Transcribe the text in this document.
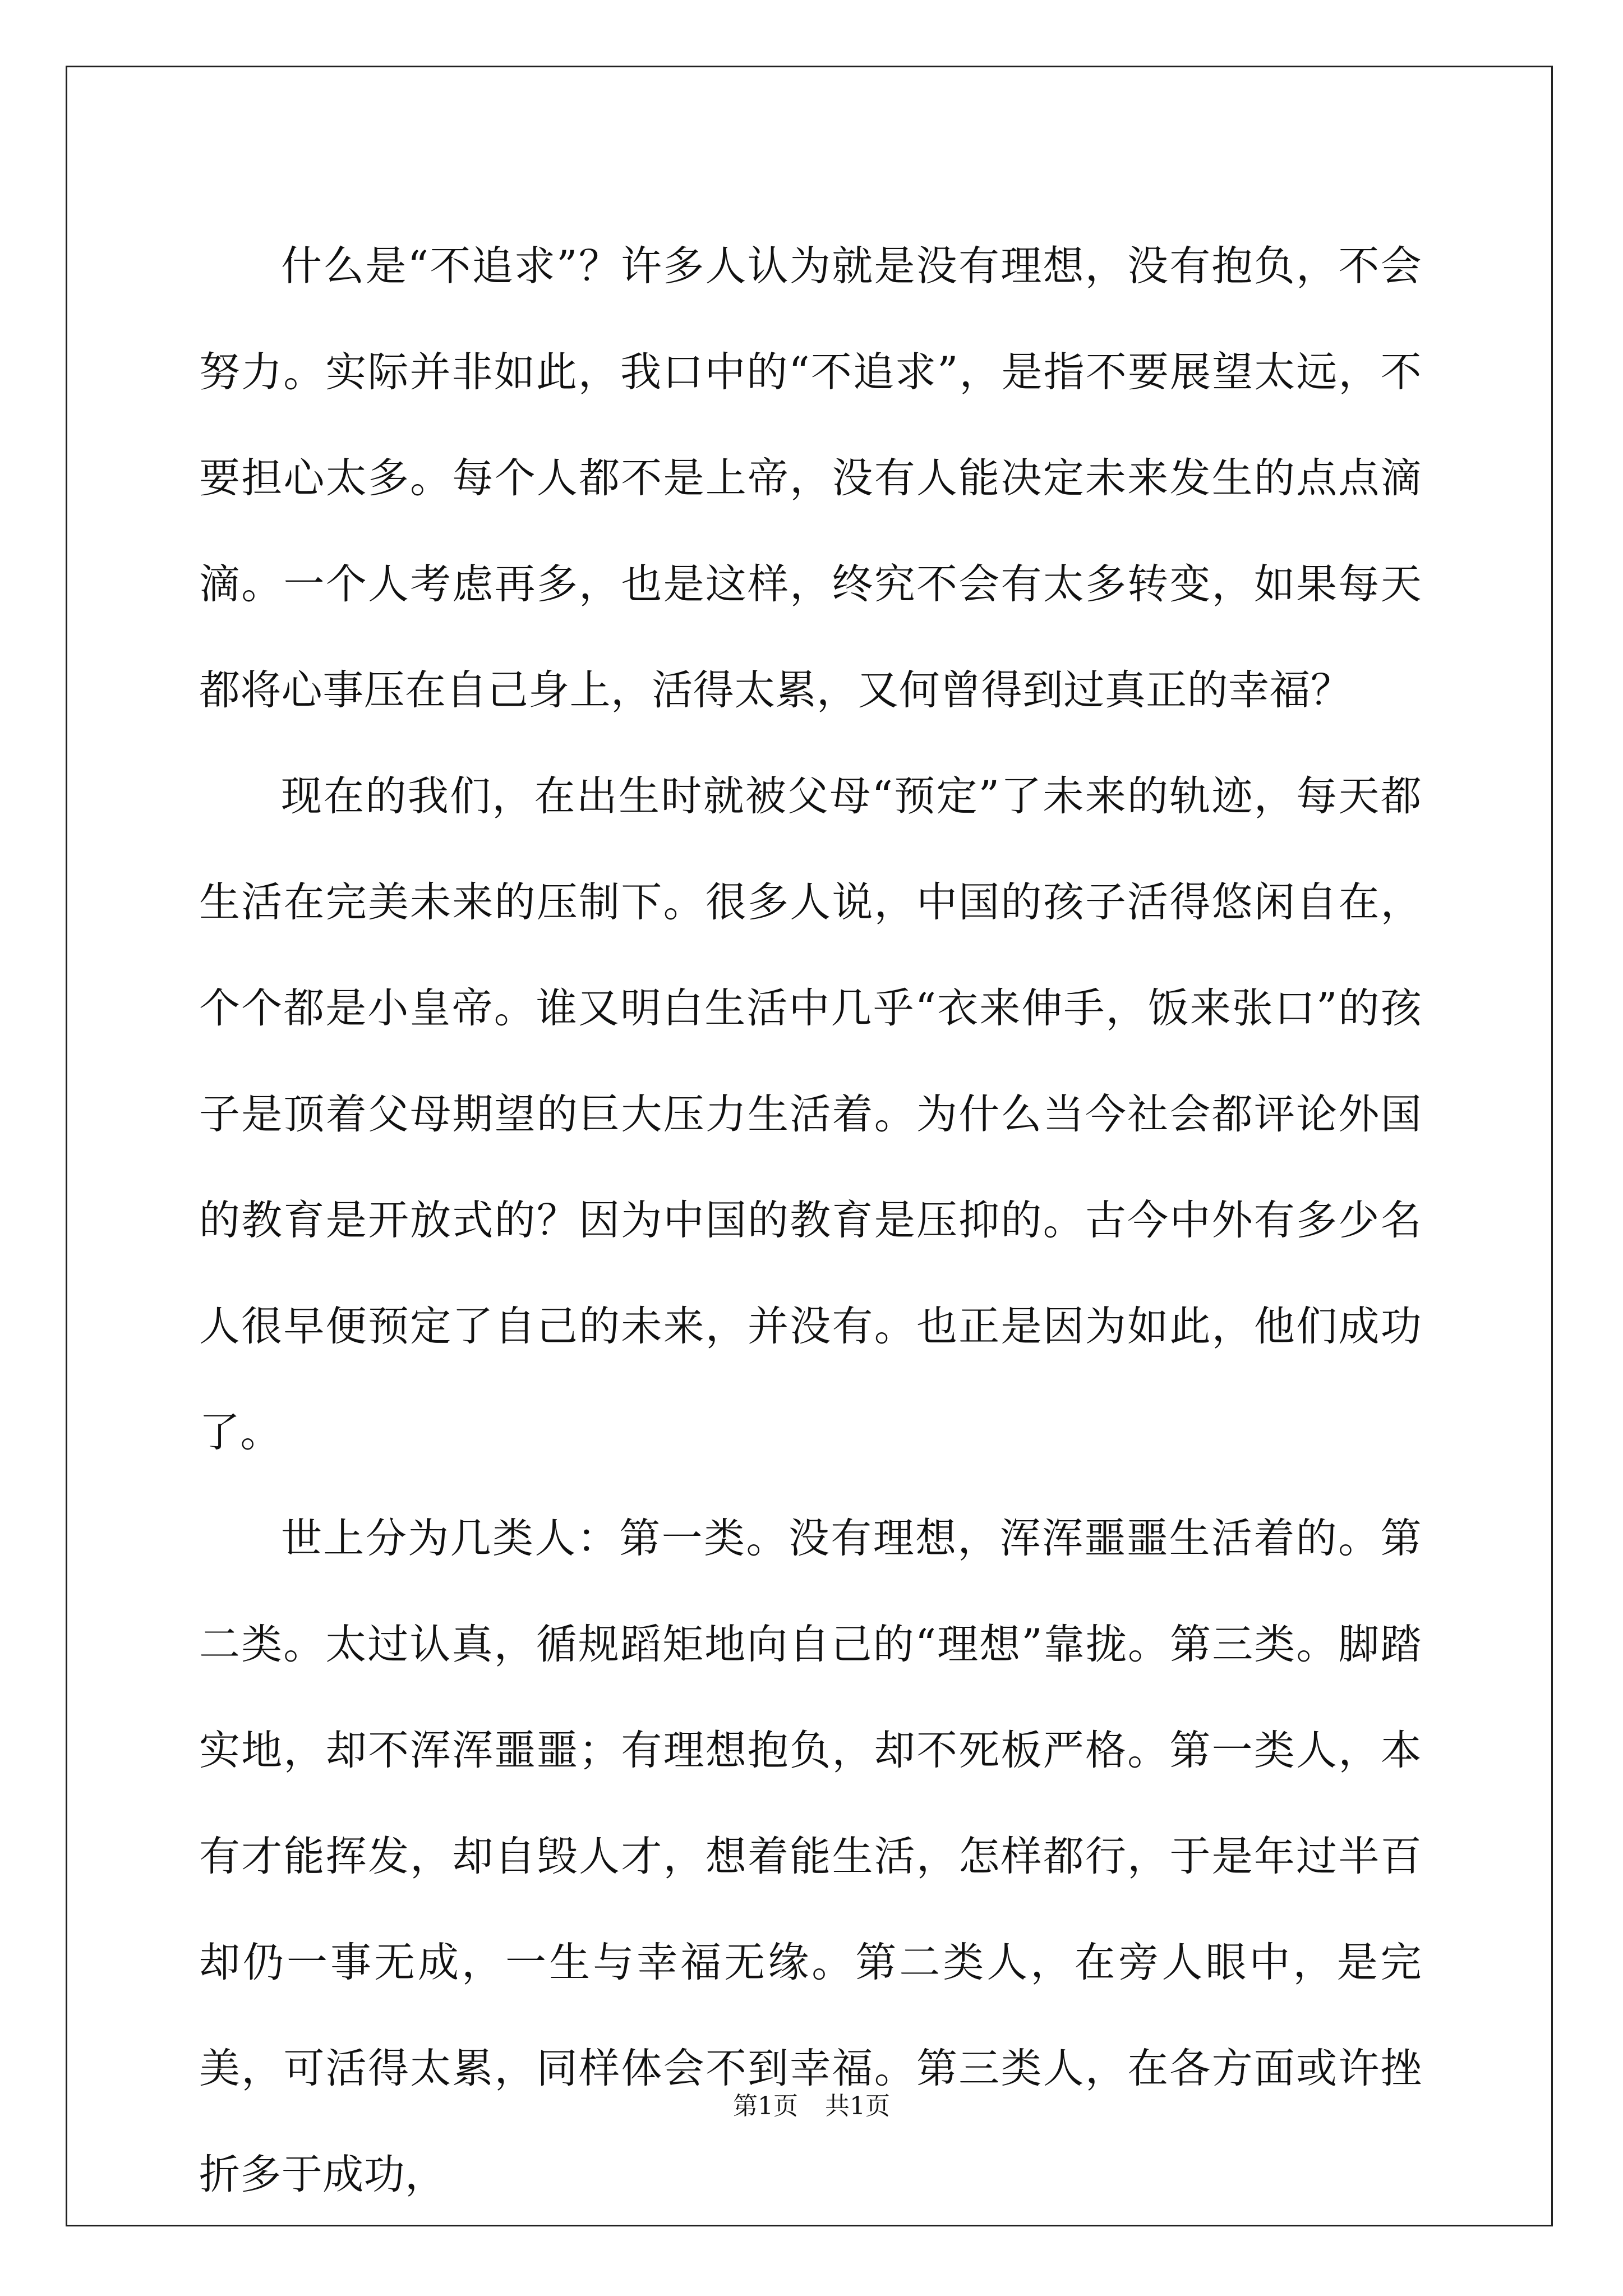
什么是“不追求”？许多人认为就是没有理想，没有抱负，不会努力。实际并非如此，我口中的“不追求”，是指不要展望太远，不要担心太多。每个人都不是上帝，没有人能决定未来发生的点点滴滴。一个人考虑再多，也是这样，终究不会有太多转变，如果每天都将心事压在自己身上，活得太累，又何曾得到过真正的幸福？

现在的我们，在出生时就被父母“预定”了未来的轨迹，每天都生活在完美未来的压制下。很多人说，中国的孩子活得悠闲自在，个个都是小皇帝。谁又明白生活中几乎“衣来伸手，饭来张口”的孩子是顶着父母期望的巨大压力生活着。为什么当今社会都评论外国的教育是开放式的？因为中国的教育是压抑的。古今中外有多少名人很早便预定了自己的未来，并没有。也正是因为如此，他们成功了。

世上分为几类人：第一类。没有理想，浑浑噩噩生活着的。第二类。太过认真，循规蹈矩地向自己的“理想”靠拢。第三类。脚踏实地，却不浑浑噩噩；有理想抱负，却不死板严格。第一类人，本有才能挥发，却自毁人才，想着能生活，怎样都行，于是年过半百却仍一事无成，一生与幸福无缘。第二类人，在旁人眼中，是完美，可活得太累，同样体会不到幸福。第三类人，在各方面或许挫折多于成功，

第1页 共1页
